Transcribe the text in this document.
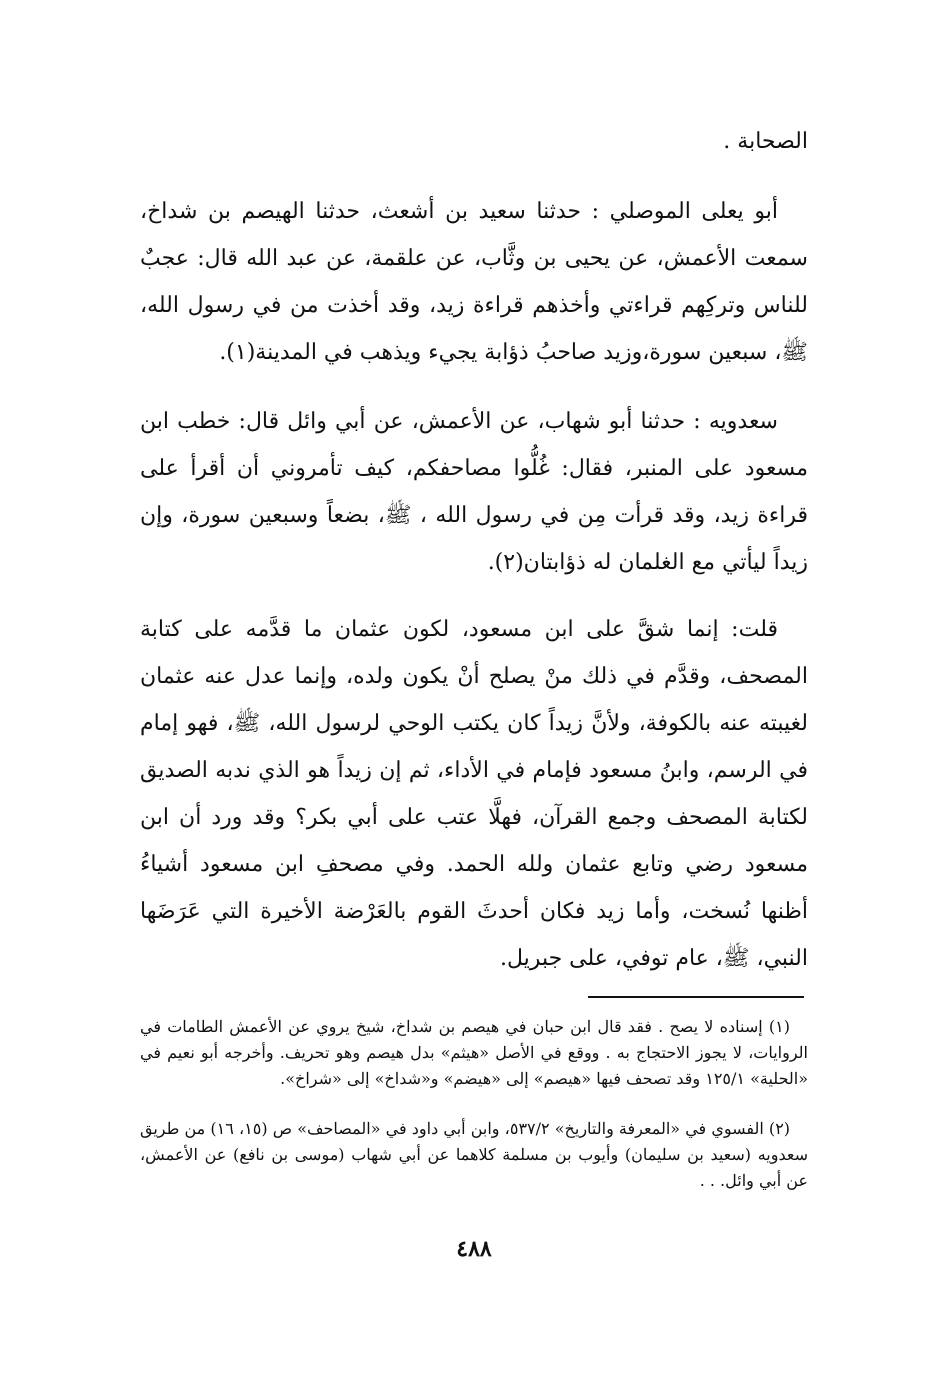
الصحابة .

أبو يعلى الموصلي : حدثنا سعيد بن أشعث، حدثنا الهيصم بن شداخ، سمعت الأعمش، عن يحيى بن وثَّاب، عن علقمة، عن عبد الله قال: عجبٌ للناس وتركِهم قراءتي وأخذهم قراءة زيد، وقد أخذت من في رسول الله، ﷺ، سبعين سورة،وزيد صاحبُ ذؤابة يجيء ويذهب في المدينة(١).

سعدويه : حدثنا أبو شهاب، عن الأعمش، عن أبي وائل قال: خطب ابن مسعود على المنبر، فقال: غُلُّوا مصاحفكم، كيف تأمروني أن أقرأ على قراءة زيد، وقد قرأت مِن في رسول الله ، ﷺ، بضعاً وسبعين سورة، وإن زيداً ليأتي مع الغلمان له ذؤابتان(٢).

قلت: إنما شقَّ على ابن مسعود، لكون عثمان ما قدَّمه على كتابة المصحف، وقدَّم في ذلك منْ يصلح أنْ يكون ولده، وإنما عدل عنه عثمان لغيبته عنه بالكوفة، ولأنَّ زيداً كان يكتب الوحي لرسول الله، ﷺ، فهو إمام في الرسم، وابنُ مسعود فإمام في الأداء، ثم إن زيداً هو الذي ندبه الصديق لكتابة المصحف وجمع القرآن، فهلَّا عتب على أبي بكر؟ وقد ورد أن ابن مسعود رضي وتابع عثمان ولله الحمد. وفي مصحفِ ابن مسعود أشياءُ أظنها نُسخت، وأما زيد فكان أحدثَ القوم بالعَرْضة الأخيرة التي عَرَضَها النبي، ﷺ، عام توفي، على جبريل.

(١) إسناده لا يصح . فقد قال ابن حبان في هيصم بن شداخ، شيخ يروي عن الأعمش الطامات في الروايات، لا يجوز الاحتجاج به . ووقع في الأصل «هيثم» بدل هيصم وهو تحريف. وأخرجه أبو نعيم في «الحلية» ١٢٥/١ وقد تصحف فيها «هيصم» إلى «هيضم» و«شداخ» إلى «شراخ».

(٢) الفسوي في «المعرفة والتاريخ» ٥٣٧/٢، وابن أبي داود في «المصاحف» ص (١٥، ١٦) من طريق سعدويه (سعيد بن سليمان) وأيوب بن مسلمة كلاهما عن أبي شهاب (موسى بن نافع) عن الأعمش، عن أبي وائل. . .

٤٨٨
